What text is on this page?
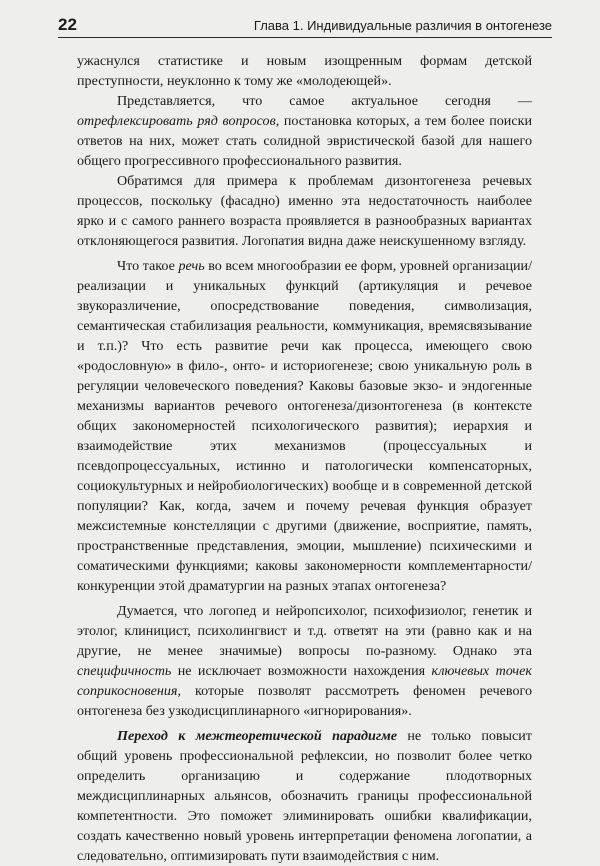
22	Глава 1. Индивидуальные различия в онтогенезе

ужаснулся статистике и новым изощренным формам детской преступности, неуклонно к тому же «молодеющей».

Представляется, что самое актуальное сегодня — отрефлексировать ряд вопросов, постановка которых, а тем более поиски ответов на них, может стать солидной эвристической базой для нашего общего прогрессивного профессионального развития.

Обратимся для примера к проблемам дизонтогенеза речевых процессов, поскольку (фасадно) именно эта недостаточность наиболее ярко и с самого раннего возраста проявляется в разнообразных вариантах отклоняющегося развития. Логопатия видна даже неискушенному взгляду.

Что такое речь во всем многообразии ее форм, уровней организации/реализации и уникальных функций (артикуляция и речевое звукоразличение, опосредствование поведения, символизация, семантическая стабилизация реальности, коммуникация, времясвязывание и т.п.)? Что есть развитие речи как процесса, имеющего свою «родословную» в фило-, онто- и историогенезе; свою уникальную роль в регуляции человеческого поведения? Каковы базовые экзо- и эндогенные механизмы вариантов речевого онтогенеза/дизонтогенеза (в контексте общих закономерностей психологического развития); иерархия и взаимодействие этих механизмов (процессуальных и псевдопроцессуальных, истинно и патологически компенсаторных, социокультурных и нейробиологических) вообще и в современной детской популяции? Как, когда, зачем и почему речевая функция образует межсистемные констелляции с другими (движение, восприятие, память, пространственные представления, эмоции, мышление) психическими и соматическими функциями; каковы закономерности комплементарности/конкуренции этой драматургии на разных этапах онтогенеза?

Думается, что логопед и нейропсихолог, психофизиолог, генетик и этолог, клиницист, психолингвист и т.д. ответят на эти (равно как и на другие, не менее значимые) вопросы по-разному. Однако эта специфичность не исключает возможности нахождения ключевых точек соприкосновения, которые позволят рассмотреть феномен речевого онтогенеза без узкодисциплинарного «игнорирования».

Переход к межтеоретической парадигме не только повысит общий уровень профессиональной рефлексии, но позволит более четко определить организацию и содержание плодотворных междисциплинарных альянсов, обозначить границы профессиональной компетентности. Это поможет элиминировать ошибки квалификации, создать качественно новый уровень интерпретации феномена логопатии, а следовательно, оптимизировать пути взаимодействия с ним.
